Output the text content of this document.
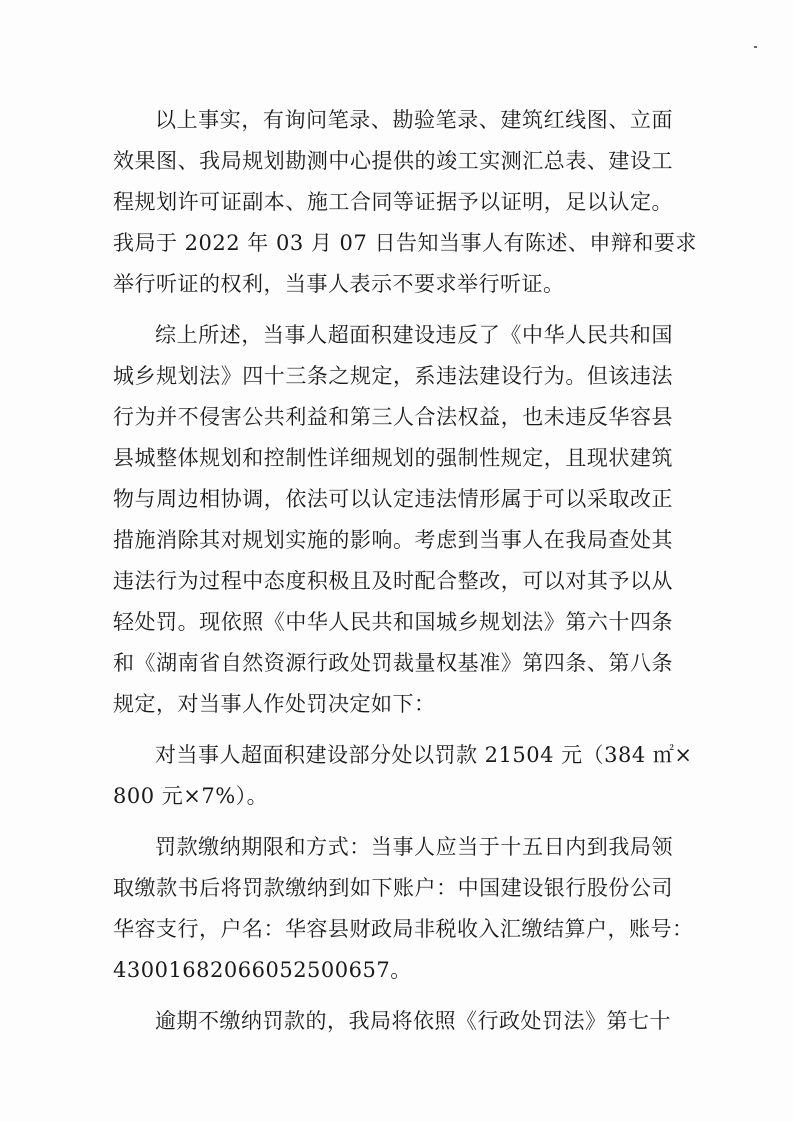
以上事实，有询问笔录、勘验笔录、建筑红线图、立面
效果图、我局规划勘测中心提供的竣工实测汇总表、建设工
程规划许可证副本、施工合同等证据予以证明，足以认定。
我局于 2022 年 03 月 07 日告知当事人有陈述、申辩和要求
举行听证的权利，当事人表示不要求举行听证。
综上所述，当事人超面积建设违反了《中华人民共和国
城乡规划法》四十三条之规定，系违法建设行为。但该违法
行为并不侵害公共利益和第三人合法权益，也未违反华容县
县城整体规划和控制性详细规划的强制性规定，且现状建筑
物与周边相协调，依法可以认定违法情形属于可以采取改正
措施消除其对规划实施的影响。考虑到当事人在我局查处其
违法行为过程中态度积极且及时配合整改，可以对其予以从
轻处罚。现依照《中华人民共和国城乡规划法》第六十四条
和《湖南省自然资源行政处罚裁量权基准》第四条、第八条
规定，对当事人作处罚决定如下：
对当事人超面积建设部分处以罚款 21504 元（384 ㎡×
800 元×7%）。
罚款缴纳期限和方式：当事人应当于十五日内到我局领
取缴款书后将罚款缴纳到如下账户：中国建设银行股份公司
华容支行，户名：华容县财政局非税收入汇缴结算户，账号：
43001682066052500657。
逾期不缴纳罚款的，我局将依照《行政处罚法》第七十
